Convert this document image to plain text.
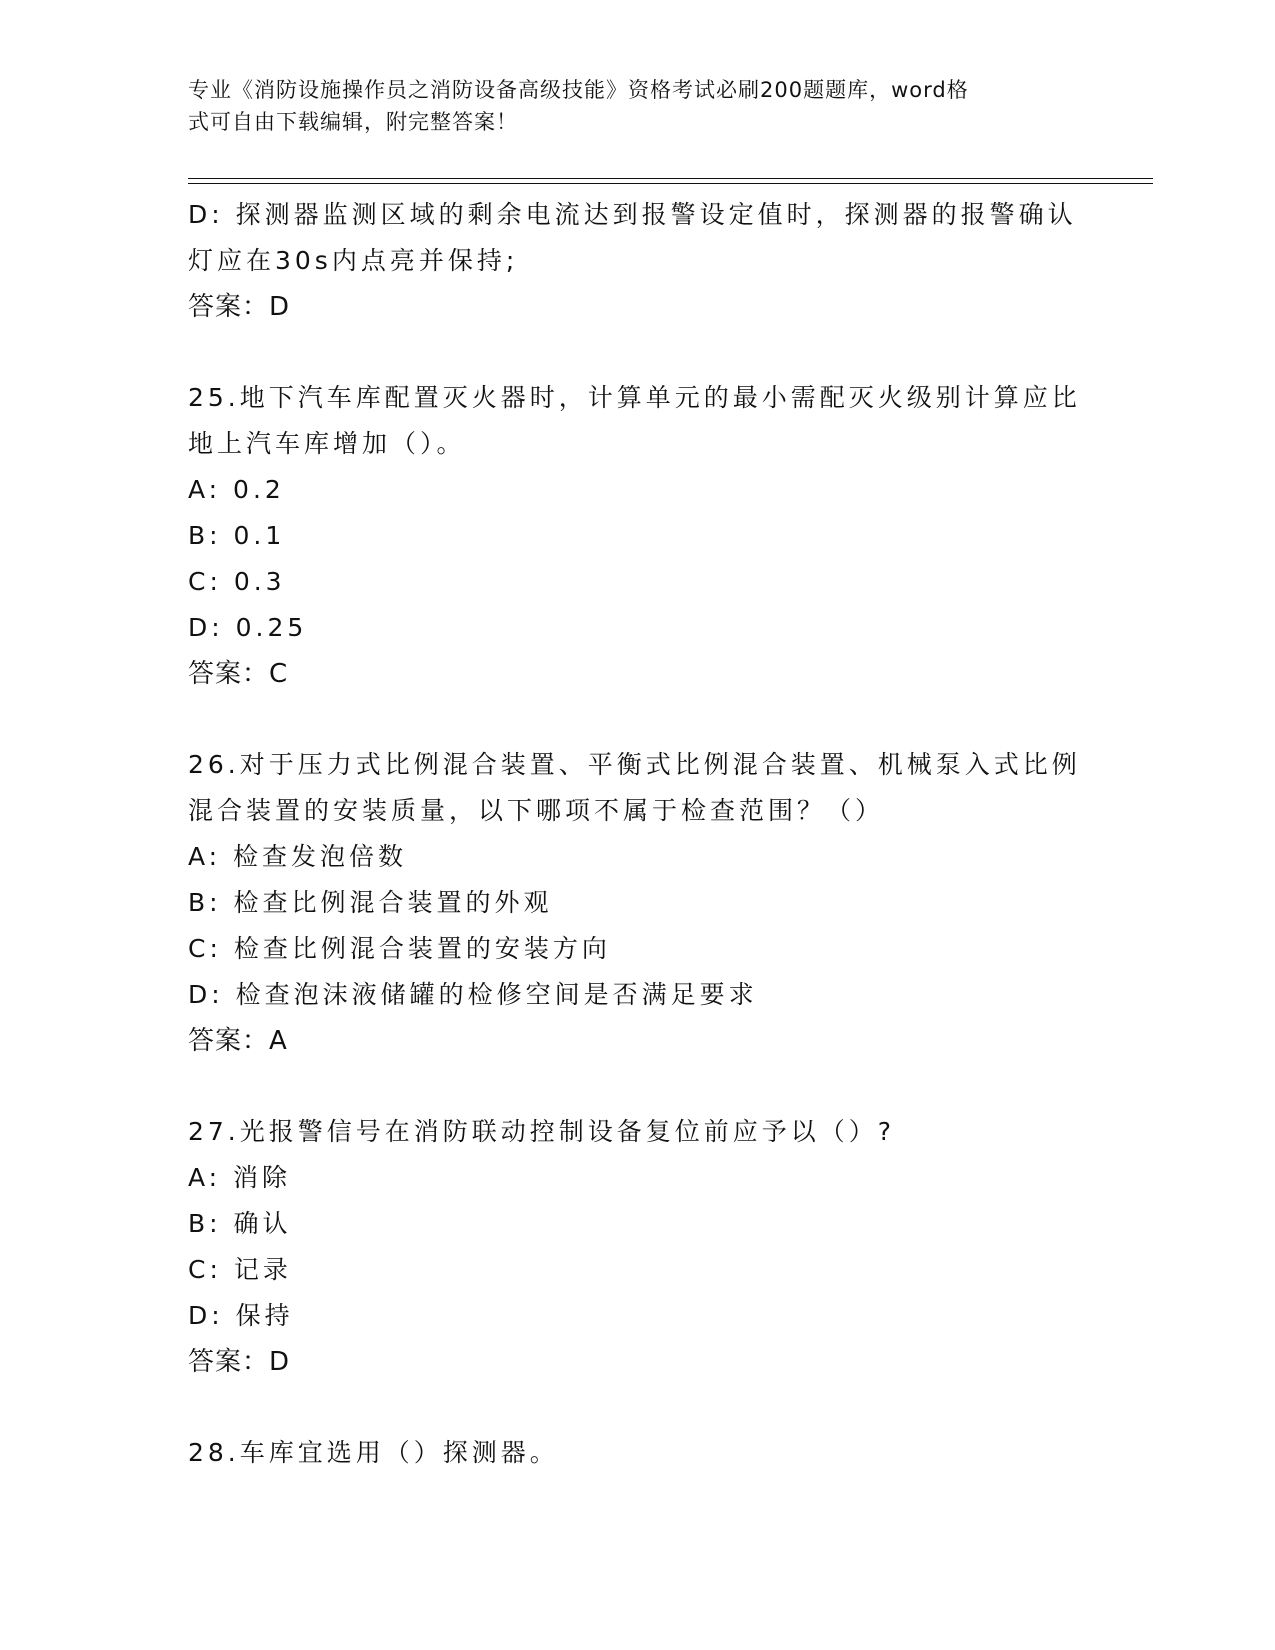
专业《消防设施操作员之消防设备高级技能》资格考试必刷200题题库，word格
式可自由下载编辑，附完整答案！
D: 探测器监测区域的剩余电流达到报警设定值时，探测器的报警确认
灯应在30s内点亮并保持;
答案：D
25.地下汽车库配置灭火器时，计算单元的最小需配灭火级别计算应比
地上汽车库增加（）。
A: 0.2
B: 0.1
C: 0.3
D: 0.25
答案：C
26.对于压力式比例混合装置、平衡式比例混合装置、机械泵入式比例
混合装置的安装质量，以下哪项不属于检查范围？（）
A: 检查发泡倍数
B: 检查比例混合装置的外观
C: 检查比例混合装置的安装方向
D: 检查泡沫液储罐的检修空间是否满足要求
答案：A
27.光报警信号在消防联动控制设备复位前应予以（）?
A: 消除
B: 确认
C: 记录
D: 保持
答案：D
28.车库宜选用（）探测器。
